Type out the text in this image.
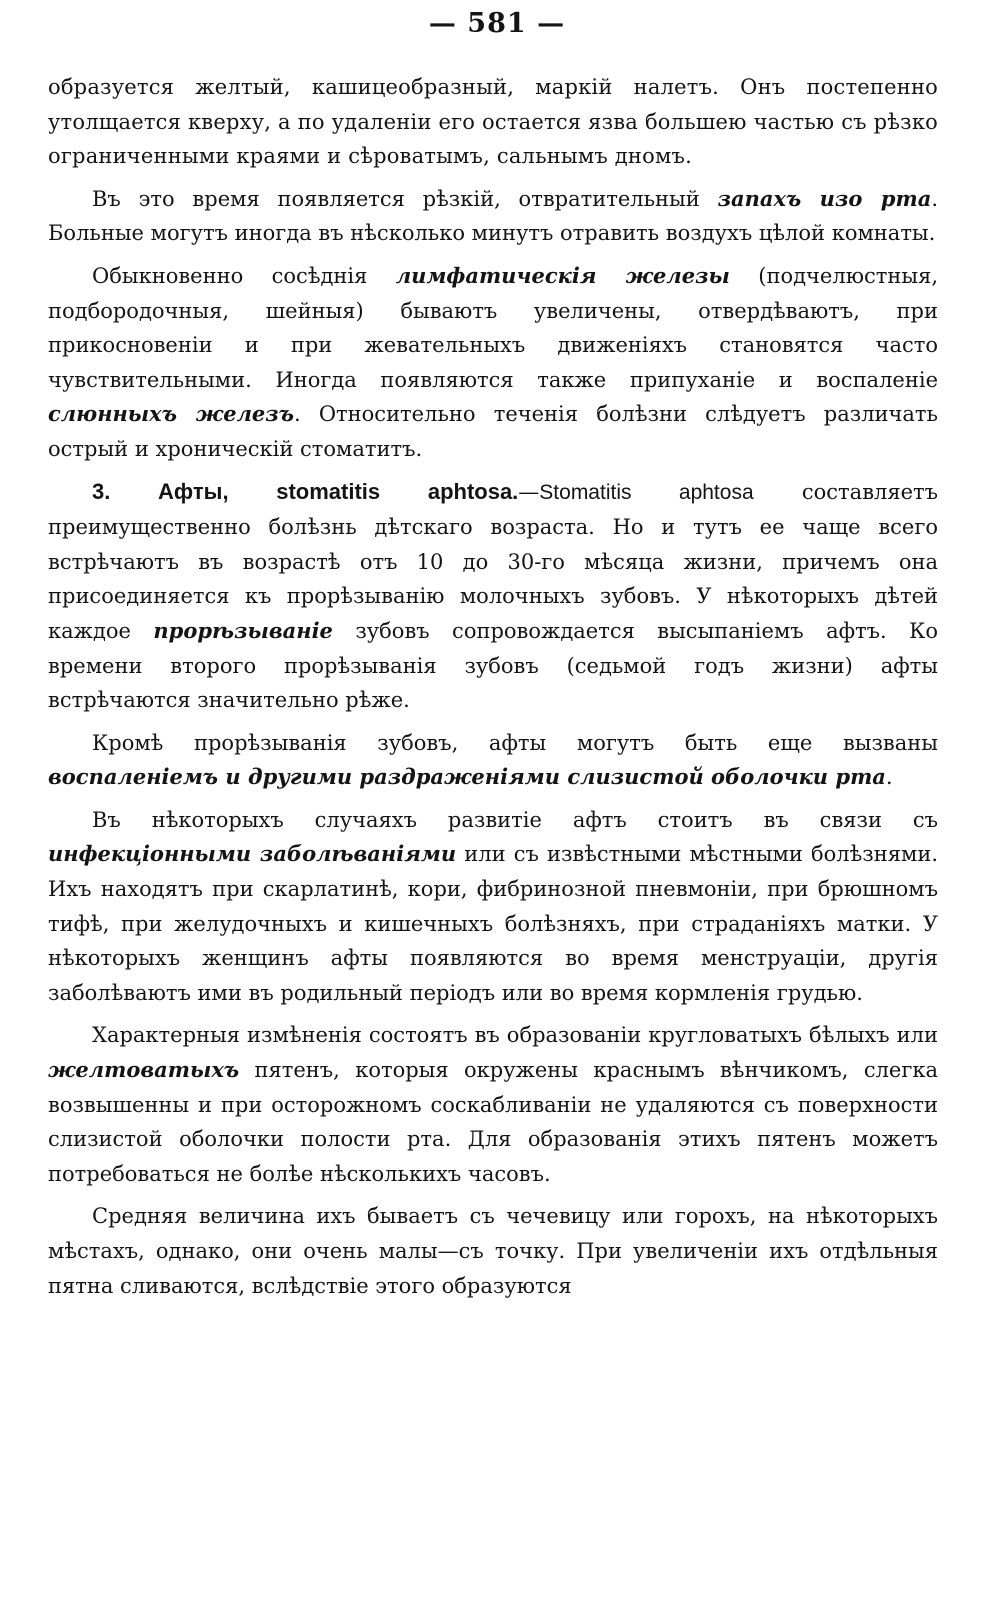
— 581 —

образуется желтый, кашицеобразный, маркій налетъ. Онъ постепенно утолщается кверху, а по удаленіи его остается язва большею частью съ рѣзко ограниченными краями и сѣроватымъ, сальнымъ дномъ.

Въ это время появляется рѣзкій, отвратительный запахъ изо рта. Больные могутъ иногда въ нѣсколько минутъ отравить воздухъ цѣлой комнаты.

Обыкновенно сосѣднія лимфатическія железы (подчелюстныя, подбородочныя, шейныя) бываютъ увеличены, отвердѣваютъ, при прикосновеніи и при жевательныхъ движеніяхъ становятся часто чувствительными. Иногда появляются также припуханіе и воспаленіе слюнныхъ железъ. Относительно теченія болѣзни слѣдуетъ различать острый и хроническій стоматитъ.

3. Афты, stomatitis aphtosa.—Stomatitis aphtosa составляетъ преимущественно болѣзнь дѣтскаго возраста. Но и тутъ ее чаще всего встрѣчаютъ въ возрастѣ отъ 10 до 30-го мѣсяца жизни, причемъ она присоединяется къ прорѣзыванію молочныхъ зубовъ. У нѣкоторыхъ дѣтей каждое прорѣзываніе зубовъ сопровождается высыпаніемъ афтъ. Ко времени второго прорѣзыванія зубовъ (седьмой годъ жизни) афты встрѣчаются значительно рѣже.

Кромѣ прорѣзыванія зубовъ, афты могутъ быть еще вызваны воспаленіемъ и другими раздраженіями слизистой оболочки рта.

Въ нѣкоторыхъ случаяхъ развитіе афтъ стоитъ въ связи съ инфекціонными заболѣваніями или съ извѣстными мѣстными болѣзнями. Ихъ находятъ при скарлатинѣ, кори, фибринозной пневмоніи, при брюшномъ тифѣ, при желудочныхъ и кишечныхъ болѣзняхъ, при страданіяхъ матки. У нѣкоторыхъ женщинъ афты появляются во время менструаціи, другія заболѣваютъ ими въ родильный періодъ или во время кормленія грудью.

Характерныя измѣненія состоятъ въ образованіи кругловатыхъ бѣлыхъ или желтоватыхъ пятенъ, которыя окружены краснымъ вѣнчикомъ, слегка возвышенны и при осторожномъ соскабливаніи не удаляются съ поверхности слизистой оболочки полости рта. Для образованія этихъ пятенъ можетъ потребоваться не болѣе нѣсколькихъ часовъ.

Средняя величина ихъ бываетъ съ чечевицу или горохъ, на нѣкоторыхъ мѣстахъ, однако, они очень малы—съ точку. При увеличеніи ихъ отдѣльныя пятна сливаются, вслѣдствіе этого образуются
